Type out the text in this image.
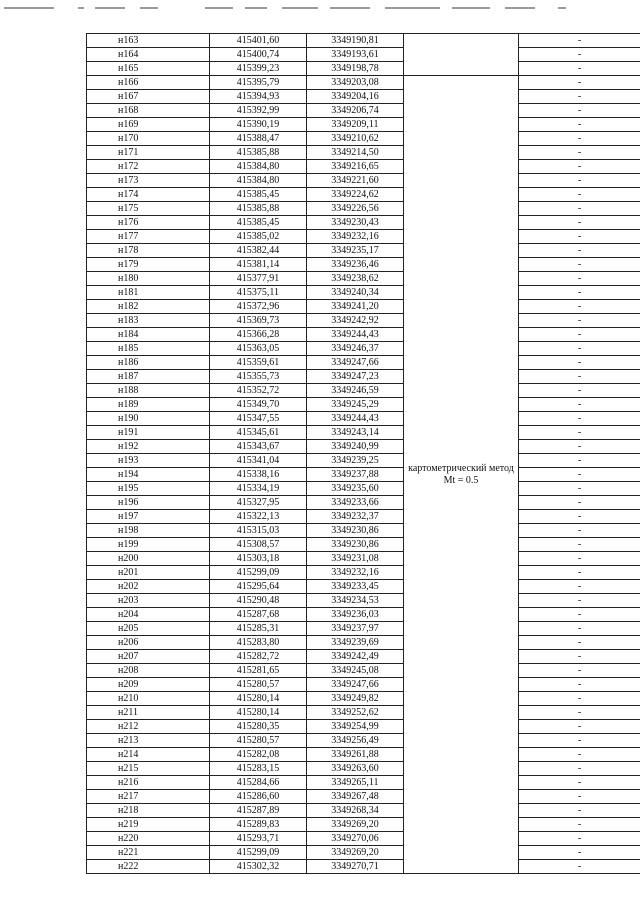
н163	415401,60	3349190,81		-
н164	415400,74	3349193,61		-
н165	415399,23	3349198,78		-
н166	415395,79	3349203,08	картометрический метод Mt = 0.5	-
н167	415394,93	3349204,16		-
н168	415392,99	3349206,74		-
н169	415390,19	3349209,11		-
н170	415388,47	3349210,62		-
н171	415385,88	3349214,50		-
н172	415384,80	3349216,65		-
н173	415384,80	3349221,60		-
н174	415385,45	3349224,62		-
н175	415385,88	3349226,56		-
н176	415385,45	3349230,43		-
н177	415385,02	3349232,16		-
н178	415382,44	3349235,17		-
н179	415381,14	3349236,46		-
н180	415377,91	3349238,62		-
н181	415375,11	3349240,34		-
н182	415372,96	3349241,20		-
н183	415369,73	3349242,92		-
н184	415366,28	3349244,43		-
н185	415363,05	3349246,37		-
н186	415359,61	3349247,66		-
н187	415355,73	3349247,23		-
н188	415352,72	3349246,59		-
н189	415349,70	3349245,29		-
н190	415347,55	3349244,43		-
н191	415345,61	3349243,14		-
н192	415343,67	3349240,99		-
н193	415341,04	3349239,25		-
н194	415338,16	3349237,88		-
н195	415334,19	3349235,60		-
н196	415327,95	3349233,66		-
н197	415322,13	3349232,37		-
н198	415315,03	3349230,86		-
н199	415308,57	3349230,86		-
н200	415303,18	3349231,08		-
н201	415299,09	3349232,16		-
н202	415295,64	3349233,45		-
н203	415290,48	3349234,53		-
н204	415287,68	3349236,03		-
н205	415285,31	3349237,97		-
н206	415283,80	3349239,69		-
н207	415282,72	3349242,49		-
н208	415281,65	3349245,08		-
н209	415280,57	3349247,66		-
н210	415280,14	3349249,82		-
н211	415280,14	3349252,62		-
н212	415280,35	3349254,99		-
н213	415280,57	3349256,49		-
н214	415282,08	3349261,88		-
н215	415283,15	3349263,60		-
н216	415284,66	3349265,11		-
н217	415286,60	3349267,48		-
н218	415287,89	3349268,34		-
н219	415289,83	3349269,20		-
н220	415293,71	3349270,06		-
н221	415299,09	3349269,20		-
н222	415302,32	3349270,71		-
